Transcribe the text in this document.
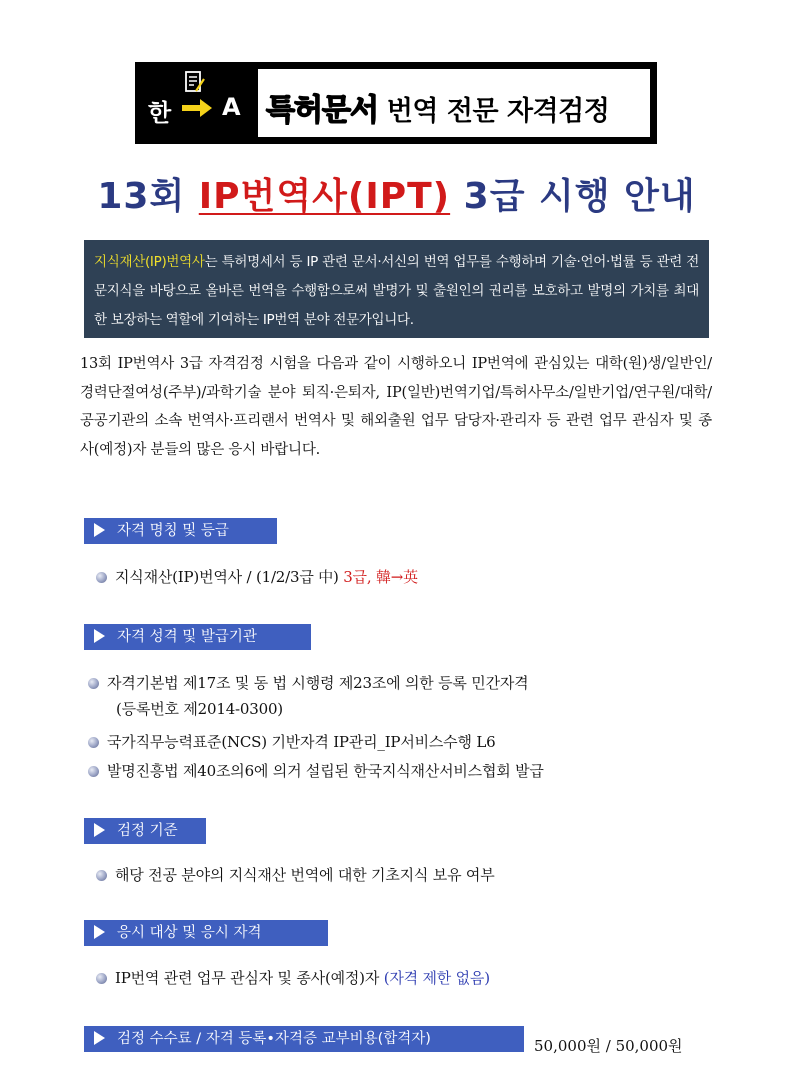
한 A 특허문서 번역 전문 자격검정
13회 IP번역사(IPT) 3급 시행 안내
지식재산(IP)번역사는 특허명세서 등 IP 관련 문서·서신의 번역 업무를 수행하며 기술·언어·법률 등 관련 전문지식을 바탕으로 올바른 번역을 수행함으로써 발명가 및 출원인의 권리를 보호하고 발명의 가치를 최대한 보장하는 역할에 기여하는 IP번역 분야 전문가입니다.
13회 IP번역사 3급 자격검정 시험을 다음과 같이 시행하오니 IP번역에 관심있는 대학(원)생/일반인/경력단절여성(주부)/과학기술 분야 퇴직·은퇴자, IP(일반)번역기업/특허사무소/일반기업/연구원/대학/공공기관의 소속 번역사·프리랜서 번역사 및 해외출원 업무 담당자·관리자 등 관련 업무 관심자 및 종사(예정)자 분들의 많은 응시 바랍니다.
자격 명칭 및 등급
지식재산(IP)번역사 / (1/2/3급 中) 3급, 韓→英
자격 성격 및 발급기관
자격기본법 제17조 및 동 법 시행령 제23조에 의한 등록 민간자격
(등록번호 제2014-0300)
국가직무능력표준(NCS) 기반자격 IP관리_IP서비스수행 L6
발명진흥법 제40조의6에 의거 설립된 한국지식재산서비스협회 발급
검정 기준
해당 전공 분야의 지식재산 번역에 대한 기초지식 보유 여부
응시 대상 및 응시 자격
IP번역 관련 업무 관심자 및 종사(예정)자 (자격 제한 없음)
검정 수수료 / 자격 등록•자격증 교부비용(합격자)	50,000원 / 50,000원
